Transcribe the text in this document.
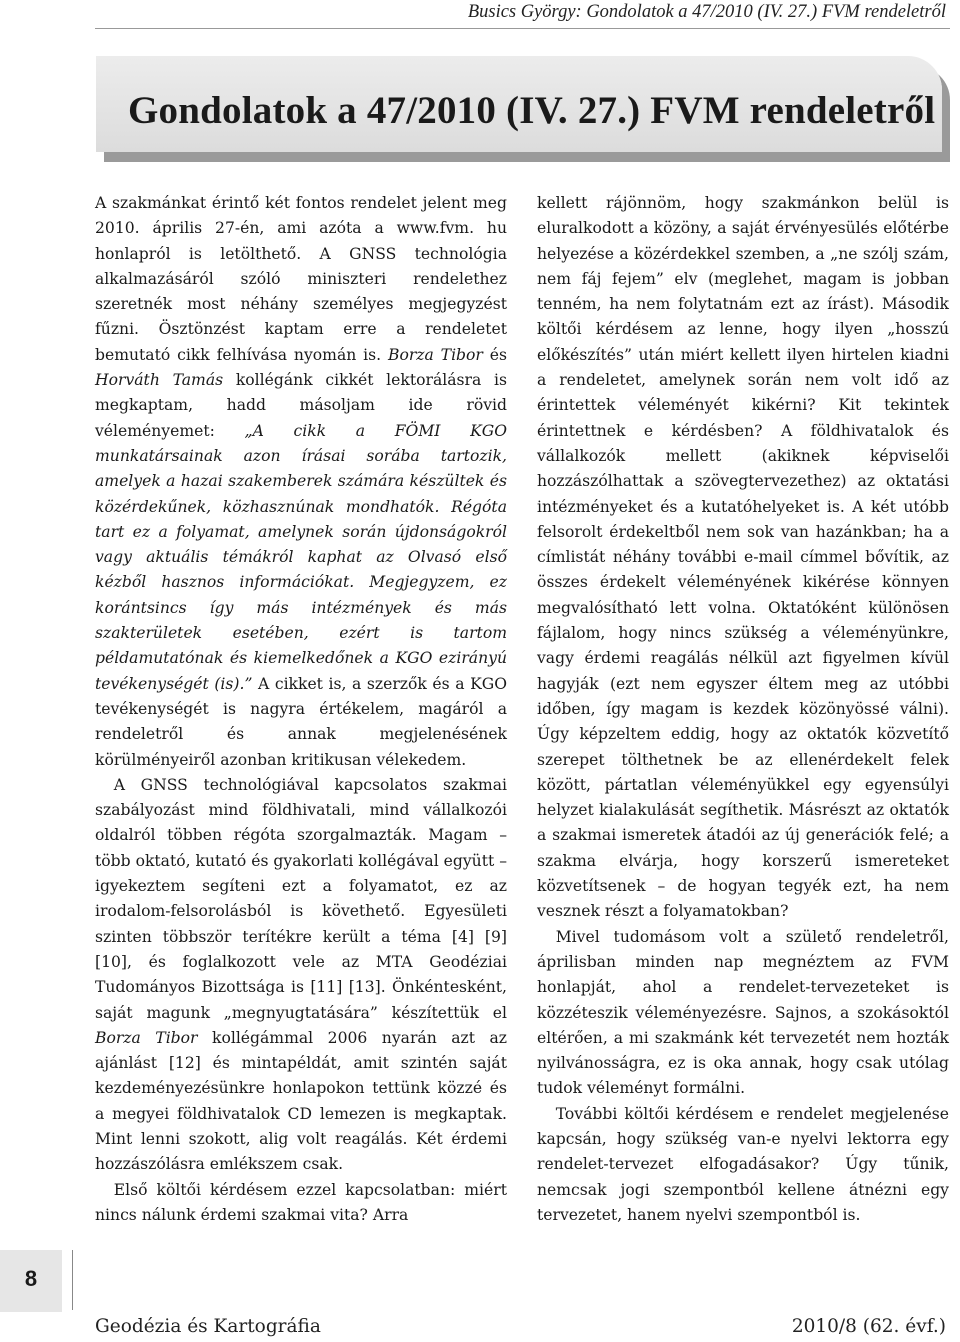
Busics György: Gondolatok a 47/2010 (IV. 27.) FVM rendeletről
Gondolatok a 47/2010 (IV. 27.) FVM rendeletről

A szakmánkat érintő két fontos rendelet jelent meg 2010. április 27-én, ami azóta a www.fvm. hu honlapról is letölthető. A GNSS technológia alkalmazásáról szóló miniszteri rendelethez szeretnék most néhány személyes megjegyzést fűzni. Ösztönzést kaptam erre a rendeletet bemutató cikk felhívása nyomán is. Borza Tibor és Horváth Tamás kollégánk cikkét lektorálásra is megkaptam, hadd másoljam ide rövid véleményemet: „A cikk a FÖMI KGO munkatársainak azon írásai sorába tartozik, amelyek a hazai szakemberek számára készültek és közérdekűnek, közhasznúnak mondhatók. Régóta tart ez a folyamat, amelynek során újdonságokról vagy aktuális témákról kaphat az Olvasó első kézből hasznos információkat. Megjegyzem, ez korántsincs így más intézmények és más szakterületek esetében, ezért is tartom példamutatónak és kiemelkedőnek a KGO ezirányú tevékenységét (is).” A cikket is, a szerzők és a KGO tevékenységét is nagyra értékelem, magáról a rendeletről és annak megjelenésének körülményeiről azonban kritikusan vélekedem.

A GNSS technológiával kapcsolatos szakmai szabályozást mind földhivatali, mind vállalkozói oldalról többen régóta szorgalmazták. Magam – több oktató, kutató és gyakorlati kollégával együtt – igyekeztem segíteni ezt a folyamatot, ez az irodalom-felsorolásból is követhető. Egyesületi szinten többször terítékre került a téma [4] [9] [10], és foglalkozott vele az MTA Geodéziai Tudományos Bizottsága is [11] [13]. Önkéntesként, saját magunk „megnyugtatására” készítettük el Borza Tibor kollégámmal 2006 nyarán azt az ajánlást [12] és mintapéldát, amit szintén saját kezdeményezésünkre honlapokon tettünk közzé és a megyei földhivatalok CD lemezen is megkaptak. Mint lenni szokott, alig volt reagálás. Két érdemi hozzászólásra emlékszem csak.

Első költői kérdésem ezzel kapcsolatban: miért nincs nálunk érdemi szakmai vita? Arra

kellett rájönnöm, hogy szakmánkon belül is eluralkodott a közöny, a saját érvényesülés előtérbe helyezése a közérdekkel szemben, a „ne szólj szám, nem fáj fejem” elv (meglehet, magam is jobban tenném, ha nem folytatnám ezt az írást). Második költői kérdésem az lenne, hogy ilyen „hosszú előkészítés” után miért kellett ilyen hirtelen kiadni a rendeletet, amelynek során nem volt idő az érintettek véleményét kikérni? Kit tekintek érintettnek e kérdésben? A földhivatalok és vállalkozók mellett (akiknek képviselői hozzászólhattak a szövegtervezethez) az oktatási intézményeket és a kutatóhelyeket is. A két utóbb felsorolt érdekeltből nem sok van hazánkban; ha a címlistát néhány további e-mail címmel bővítik, az összes érdekelt véleményének kikérése könnyen megvalósítható lett volna. Oktatóként különösen fájlalom, hogy nincs szükség a véleményünkre, vagy érdemi reagálás nélkül azt figyelmen kívül hagyják (ezt nem egyszer éltem meg az utóbbi időben, így magam is kezdek közönyössé válni). Úgy képzeltem eddig, hogy az oktatók közvetítő szerepet tölthetnek be az ellenérdekelt felek között, pártatlan véleményükkel egy egyensúlyi helyzet kialakulását segíthetik. Másrészt az oktatók a szakmai ismeretek átadói az új generációk felé; a szakma elvárja, hogy korszerű ismereteket közvetítsenek – de hogyan tegyék ezt, ha nem vesznek részt a folyamatokban?

Mivel tudomásom volt a születő rendeletről, áprilisban minden nap megnéztem az FVM honlapját, ahol a rendelet-tervezeteket is közzéteszik véleményezésre. Sajnos, a szokásoktól eltérően, a mi szakmánk két tervezetét nem hozták nyilvánosságra, ez is oka annak, hogy csak utólag tudok véleményt formálni.

További költői kérdésem e rendelet megjelenése kapcsán, hogy szükség van-e nyelvi lektorra egy rendelet-tervezet elfogadásakor? Úgy tűnik, nemcsak jogi szempontból kellene átnézni egy tervezetet, hanem nyelvi szempontból is.

8
Geodézia és Kartográfia	2010/8 (62. évf.)
